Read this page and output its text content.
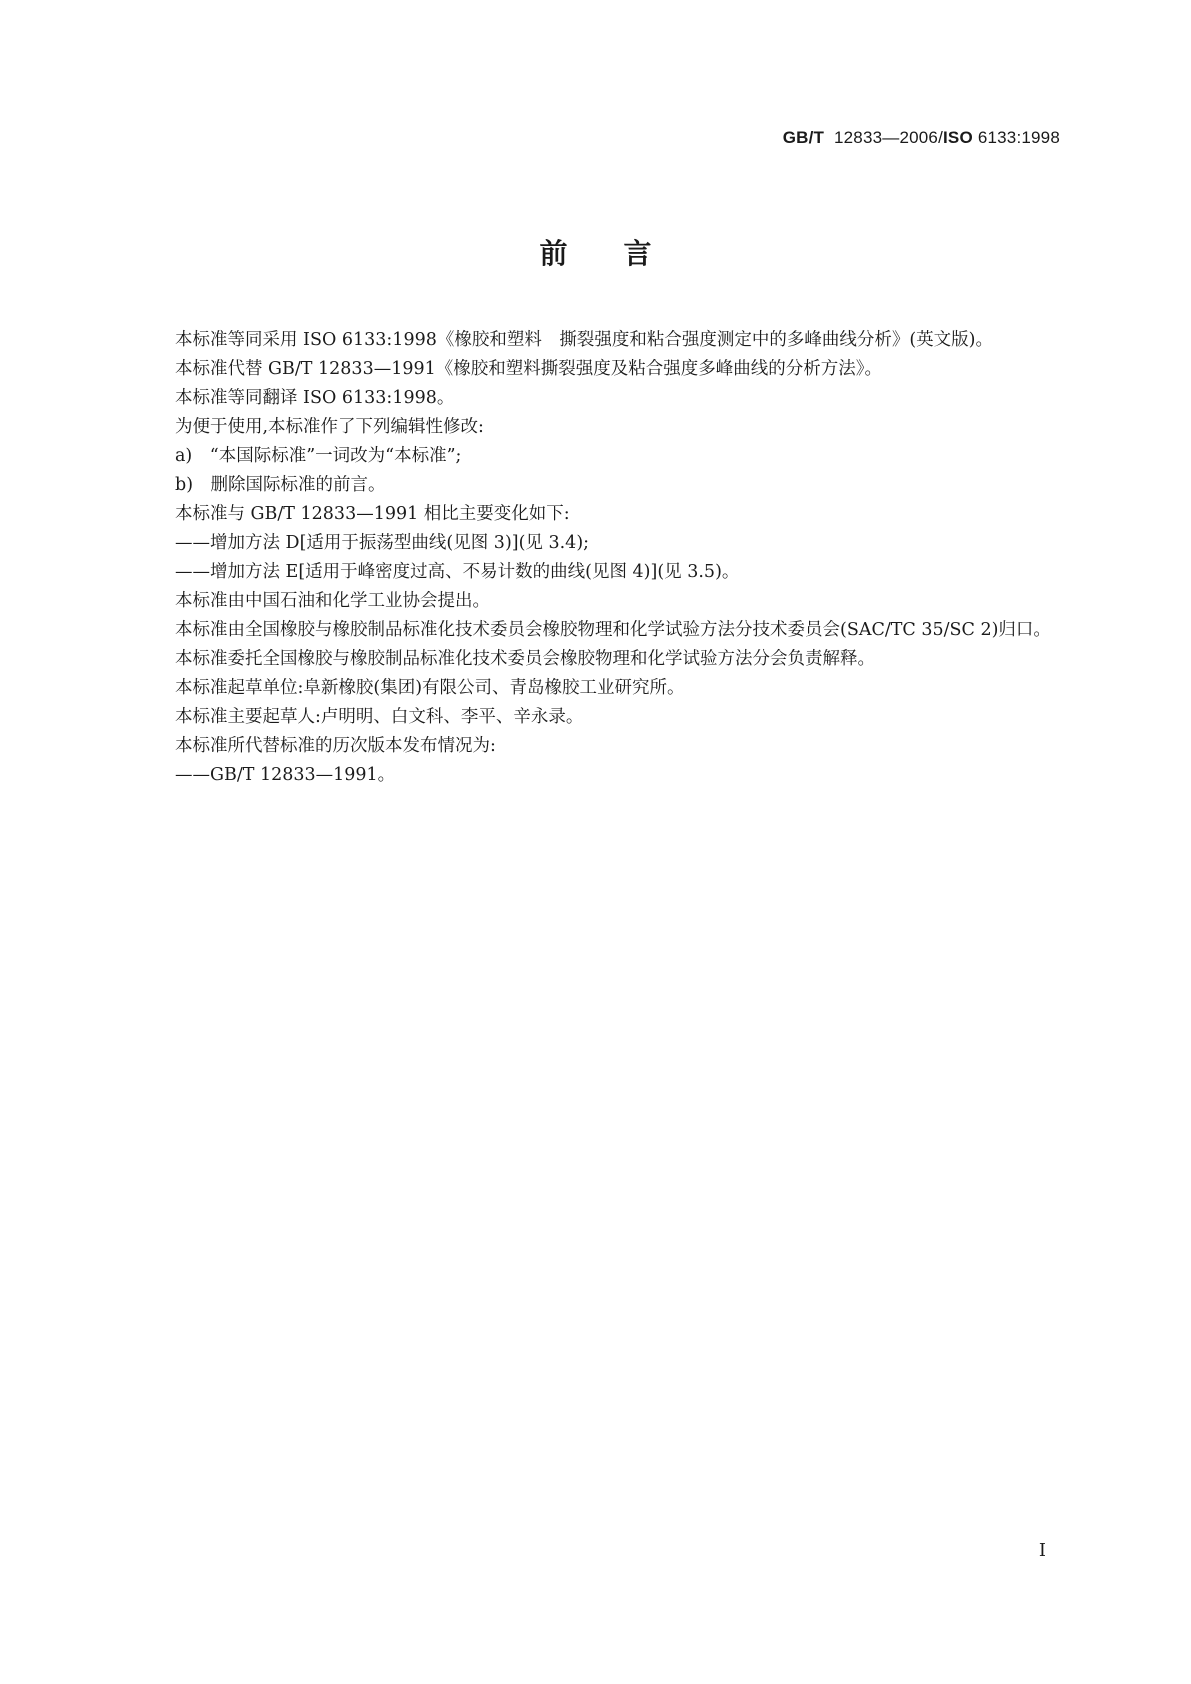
GB/T 12833—2006/ISO 6133:1998
前言

本标准等同采用 ISO 6133:1998《橡胶和塑料　撕裂强度和粘合强度测定中的多峰曲线分析》(英文版)。

本标准代替 GB/T 12833—1991《橡胶和塑料撕裂强度及粘合强度多峰曲线的分析方法》。

本标准等同翻译 ISO 6133:1998。

为便于使用,本标准作了下列编辑性修改:

a)　“本国际标准”一词改为“本标准”;

b)　删除国际标准的前言。

本标准与 GB/T 12833—1991 相比主要变化如下:

——增加方法 D[适用于振荡型曲线(见图 3)](见 3.4);

——增加方法 E[适用于峰密度过高、不易计数的曲线(见图 4)](见 3.5)。

本标准由中国石油和化学工业协会提出。

本标准由全国橡胶与橡胶制品标准化技术委员会橡胶物理和化学试验方法分技术委员会(SAC/TC 35/SC 2)归口。

本标准委托全国橡胶与橡胶制品标准化技术委员会橡胶物理和化学试验方法分会负责解释。

本标准起草单位:阜新橡胶(集团)有限公司、青岛橡胶工业研究所。

本标准主要起草人:卢明明、白文科、李平、辛永录。

本标准所代替标准的历次版本发布情况为:

——GB/T 12833—1991。

I
